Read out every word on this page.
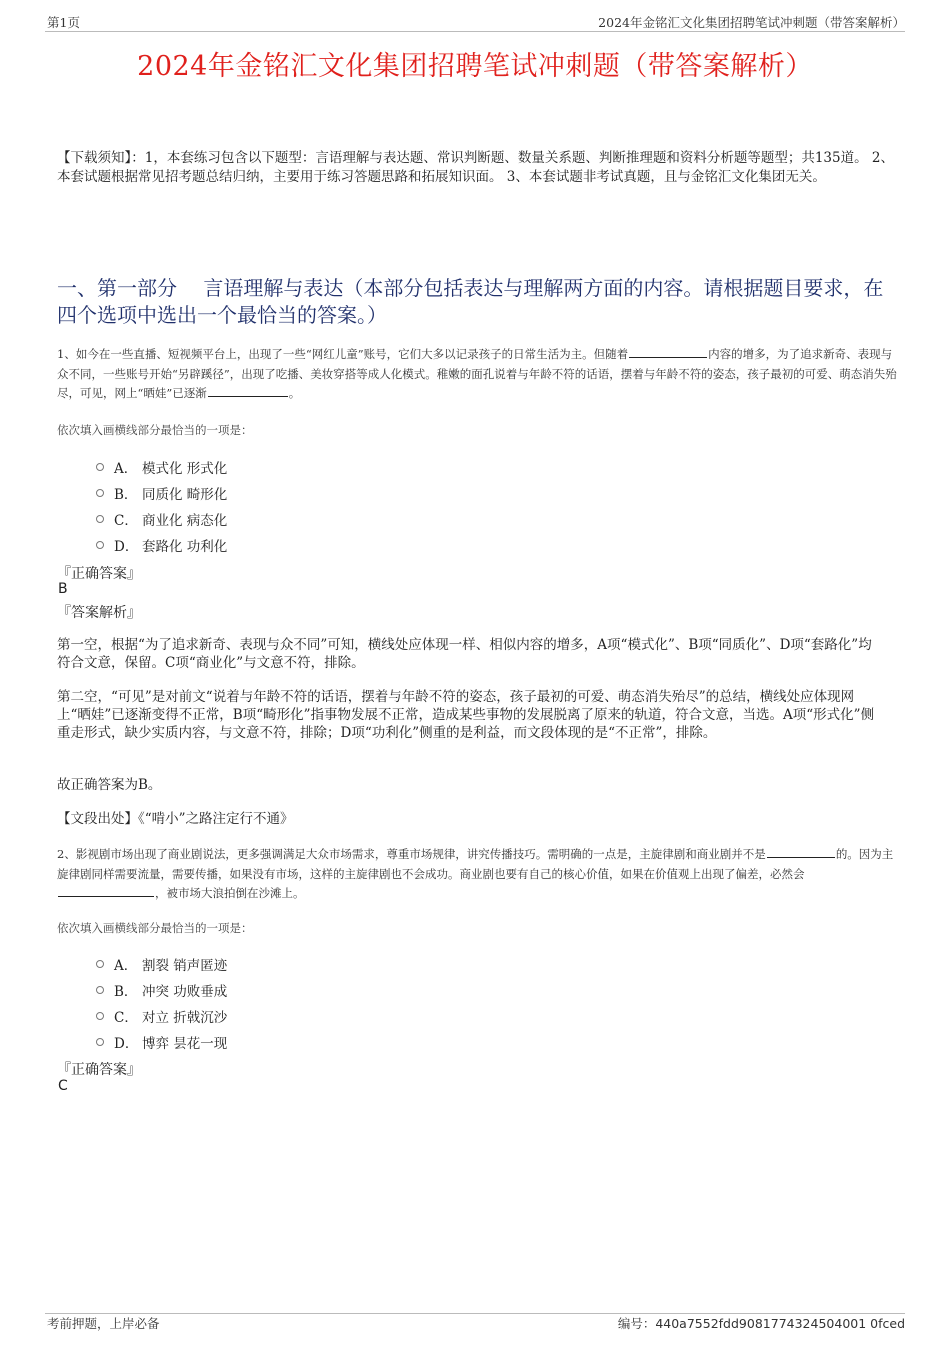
第1页	2024年金铭汇文化集团招聘笔试冲刺题（带答案解析）
2024年金铭汇文化集团招聘笔试冲刺题（带答案解析）
【下载须知】：1，本套练习包含以下题型：言语理解与表达题、常识判断题、数量关系题、判断推理题和资料分析题等题型；共135道。 2、本套试题根据常见招考题总结归纳，主要用于练习答题思路和拓展知识面。 3、本套试题非考试真题，且与金铭汇文化集团无关。
一、第一部分　 言语理解与表达（本部分包括表达与理解两方面的内容。请根据题目要求，在四个选项中选出一个最恰当的答案。）
1、如今在一些直播、短视频平台上，出现了一些“网红儿童”账号，它们大多以记录孩子的日常生活为主。但随着	内容的增多，为了追求新奇、表现与众不同，一些账号开始“另辟蹊径”，出现了吃播、美妆穿搭等成人化模式。稚嫩的面孔说着与年龄不符的话语，摆着与年龄不符的姿态，孩子最初的可爱、萌态消失殆尽，可见，网上“晒娃”已逐渐	。
依次填入画横线部分最恰当的一项是：
A． 模式化 形式化
B． 同质化 畸形化
C． 商业化 病态化
D． 套路化 功利化
『正确答案』
B
『答案解析』
第一空，根据“为了追求新奇、表现与众不同”可知，横线处应体现一样、相似内容的增多，A项“模式化”、B项“同质化”、D项“套路化”均符合文意，保留。C项“商业化”与文意不符，排除。
第二空，“可见”是对前文“说着与年龄不符的话语，摆着与年龄不符的姿态，孩子最初的可爱、萌态消失殆尽”的总结，横线处应体现网上“晒娃”已逐渐变得不正常，B项“畸形化”指事物发展不正常，造成某些事物的发展脱离了原来的轨道，符合文意，当选。A项“形式化”侧重走形式，缺少实质内容，与文意不符，排除；D项“功利化”侧重的是利益，而文段体现的是“不正常”，排除。
故正确答案为B。
【文段出处】《“啃小”之路注定行不通》
2、影视剧市场出现了商业剧说法，更多强调满足大众市场需求，尊重市场规律，讲究传播技巧。需明确的一点是，主旋律剧和商业剧并不是	的。因为主旋律剧同样需要流量，需要传播，如果没有市场，这样的主旋律剧也不会成功。商业剧也要有自己的核心价值，如果在价值观上出现了偏差，必然会，被市场大浪拍倒在沙滩上。
依次填入画横线部分最恰当的一项是：
A． 割裂 销声匿迹
B． 冲突 功败垂成
C． 对立 折戟沉沙
D． 博弈 昙花一现
『正确答案』
C
考前押题，上岸必备	编号：440a7552fdd9081774324504001 0fced
